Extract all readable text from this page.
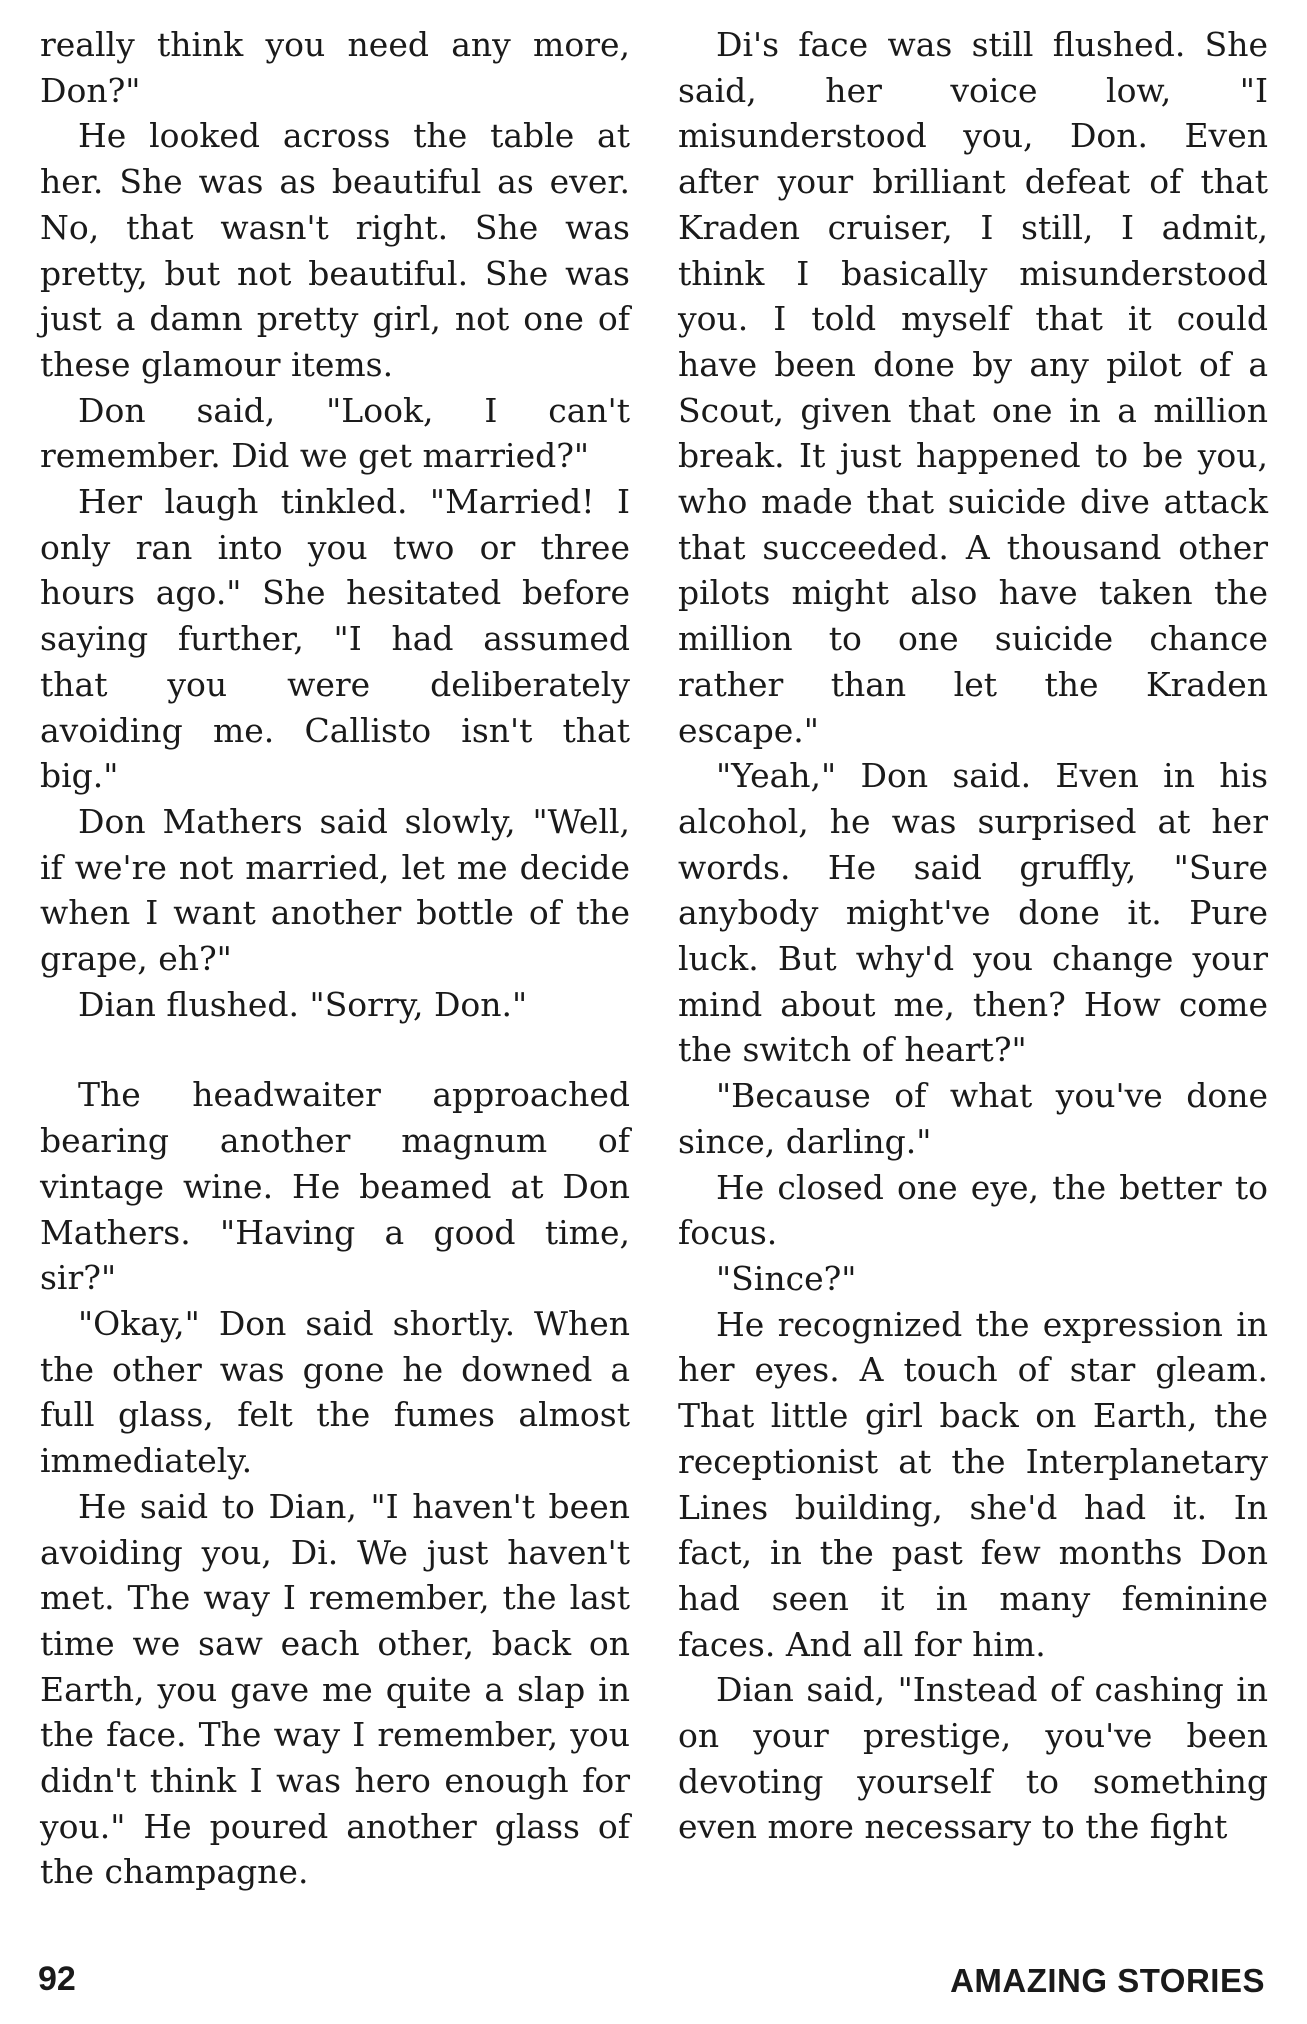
really think you need any more, Don?"

He looked across the table at her. She was as beautiful as ever. No, that wasn't right. She was pretty, but not beautiful. She was just a damn pretty girl, not one of these glamour items.

Don said, "Look, I can't remember. Did we get married?"

Her laugh tinkled. "Married! I only ran into you two or three hours ago." She hesitated before saying further, "I had assumed that you were deliberately avoiding me. Callisto isn't that big."

Don Mathers said slowly, "Well, if we're not married, let me decide when I want another bottle of the grape, eh?"

Dian flushed. "Sorry, Don."

The headwaiter approached bearing another magnum of vintage wine. He beamed at Don Mathers. "Having a good time, sir?"

"Okay," Don said shortly. When the other was gone he downed a full glass, felt the fumes almost immediately.

He said to Dian, "I haven't been avoiding you, Di. We just haven't met. The way I remember, the last time we saw each other, back on Earth, you gave me quite a slap in the face. The way I remember, you didn't think I was hero enough for you." He poured another glass of the champagne.

Di's face was still flushed. She said, her voice low, "I misunderstood you, Don. Even after your brilliant defeat of that Kraden cruiser, I still, I admit, think I basically misunderstood you. I told myself that it could have been done by any pilot of a Scout, given that one in a million break. It just happened to be you, who made that suicide dive attack that succeeded. A thousand other pilots might also have taken the million to one suicide chance rather than let the Kraden escape."

"Yeah," Don said. Even in his alcohol, he was surprised at her words. He said gruffly, "Sure anybody might've done it. Pure luck. But why'd you change your mind about me, then? How come the switch of heart?"

"Because of what you've done since, darling."

He closed one eye, the better to focus.

"Since?"

He recognized the expression in her eyes. A touch of star gleam. That little girl back on Earth, the receptionist at the Interplanetary Lines building, she'd had it. In fact, in the past few months Don had seen it in many feminine faces. And all for him.

Dian said, "Instead of cashing in on your prestige, you've been devoting yourself to something even more necessary to the fight

92	AMAZING STORIES
